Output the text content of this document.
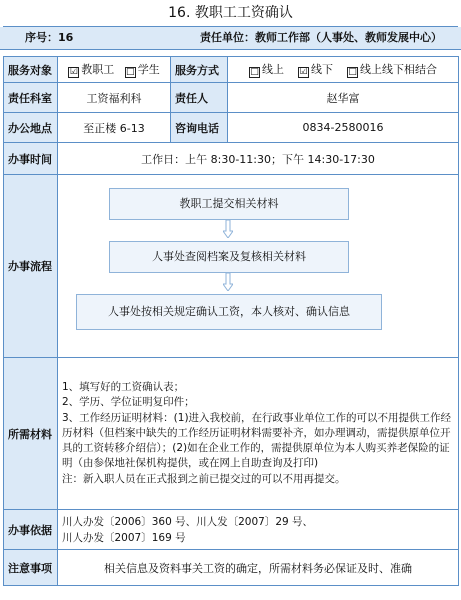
16. 教职工工资确认
序号：16	责任单位：教师工作部（人事处、教师发展中心）
服务对象	☑ 教职工 □ 学生	服务方式	□ 线上 ☑ 线下 □ 线上线下相结合
责任科室	工资福利科	责任人	赵华富
办公地点	至正楼 6-13	咨询电话	0834-2580016
办事时间	工作日：上午 8:30-11:30；下午 14:30-17:30		
办事流程	教职工提交相关材料
人事处查阅档案及复核相关材料
人事处按相关规定确认工资，本人核对、确认信息		

所需材料	1、填写好的工资确认表；

2、学历、学位证明复印件；

3、工作经历证明材料：(1)进入我校前，在行政事业单位工作的可以不用提供工作经历材料（但档案中缺失的工作经历证明材料需要补齐，如办理调动，需提供原单位开具的工资转移介绍信）；(2)如在企业工作的，需提供原单位为本人购买养老保险的证明（由参保地社保机构提供，或在网上自助查询及打印)

注：新入职人员在正式报到之前已提交过的可以不用再提交。		

办事依据	川人办发〔2006〕360 号、川人发〔2007〕29 号、
川人办发〔2007〕169 号		

注意事项	相关信息及资料事关工资的确定，所需材料务必保证及时、准确		
